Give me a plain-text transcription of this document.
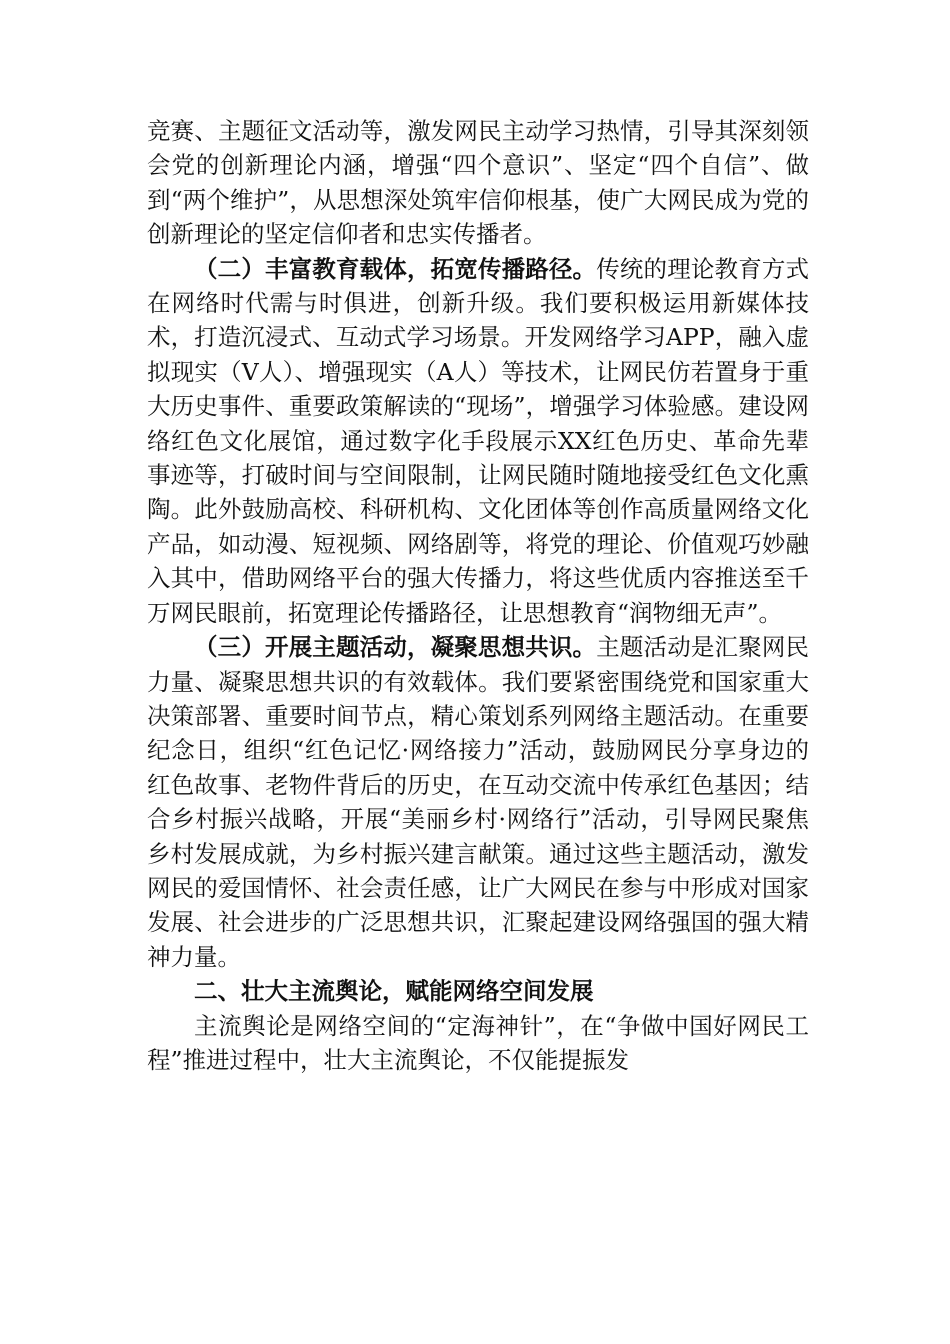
竞赛、主题征文活动等，激发网民主动学习热情，引导其深刻领会党的创新理论内涵，增强“四个意识”、坚定“四个自信”、做到“两个维护”，从思想深处筑牢信仰根基，使广大网民成为党的创新理论的坚定信仰者和忠实传播者。

（二）丰富教育载体，拓宽传播路径。传统的理论教育方式在网络时代需与时俱进，创新升级。我们要积极运用新媒体技术，打造沉浸式、互动式学习场景。开发网络学习APP，融入虚拟现实（V人）、增强现实（A人）等技术，让网民仿若置身于重大历史事件、重要政策解读的“现场”，增强学习体验感。建设网络红色文化展馆，通过数字化手段展示XX红色历史、革命先辈事迹等，打破时间与空间限制，让网民随时随地接受红色文化熏陶。此外鼓励高校、科研机构、文化团体等创作高质量网络文化产品，如动漫、短视频、网络剧等，将党的理论、价值观巧妙融入其中，借助网络平台的强大传播力，将这些优质内容推送至千万网民眼前，拓宽理论传播路径，让思想教育“润物细无声”。

（三）开展主题活动，凝聚思想共识。主题活动是汇聚网民力量、凝聚思想共识的有效载体。我们要紧密围绕党和国家重大决策部署、重要时间节点，精心策划系列网络主题活动。在重要纪念日，组织“红色记忆·网络接力”活动，鼓励网民分享身边的红色故事、老物件背后的历史，在互动交流中传承红色基因；结合乡村振兴战略，开展“美丽乡村·网络行”活动，引导网民聚焦乡村发展成就，为乡村振兴建言献策。通过这些主题活动，激发网民的爱国情怀、社会责任感，让广大网民在参与中形成对国家发展、社会进步的广泛思想共识，汇聚起建设网络强国的强大精神力量。

二、壮大主流舆论，赋能网络空间发展

主流舆论是网络空间的“定海神针”，在“争做中国好网民工程”推进过程中，壮大主流舆论，不仅能提振发
